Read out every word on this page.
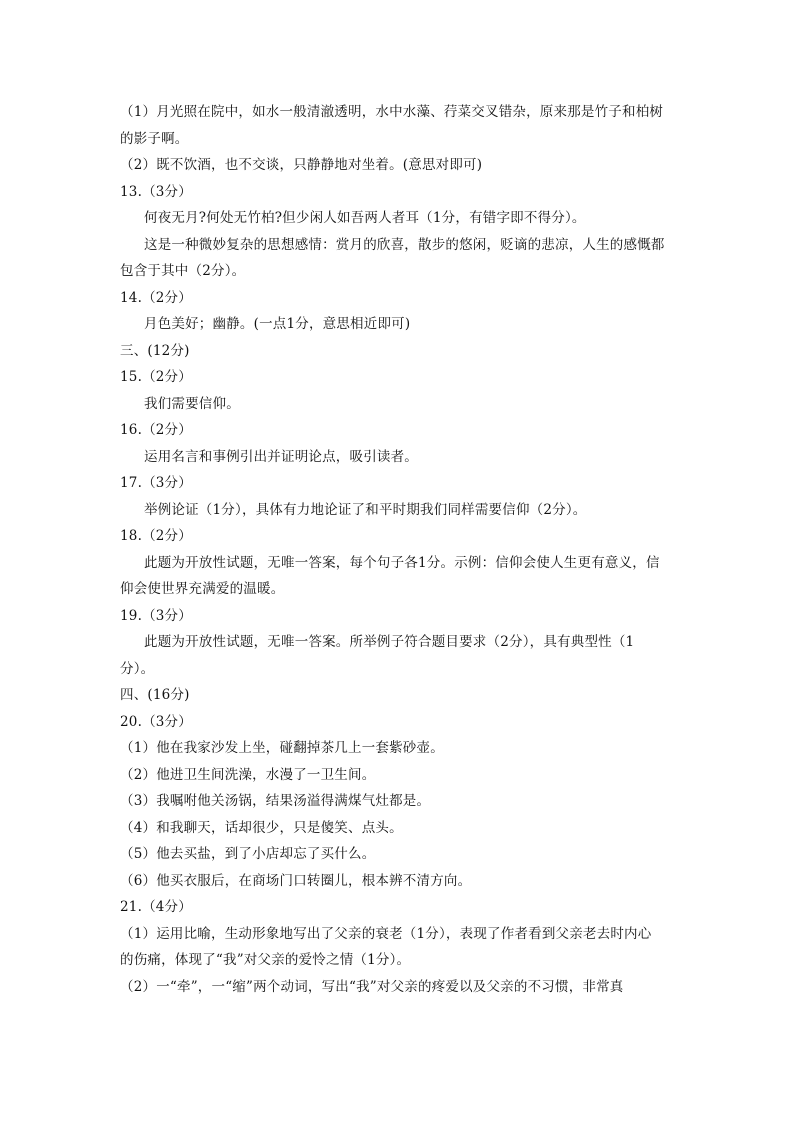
（1）月光照在院中，如水一般清澈透明，水中水藻、荇菜交叉错杂，原来那是竹子和柏树
的影子啊。
（2）既不饮酒，也不交谈，只静静地对坐着。(意思对即可)
13.（3分）
何夜无月?何处无竹柏?但少闲人如吾两人者耳（1分，有错字即不得分）。
这是一种微妙复杂的思想感情：赏月的欣喜，散步的悠闲，贬谪的悲凉，人生的感慨都
包含于其中（2分）。
14.（2分）
月色美好；幽静。(一点1分，意思相近即可)
三、(12分)
15.（2分）
我们需要信仰。
16.（2分）
运用名言和事例引出并证明论点，吸引读者。
17.（3分）
举例论证（1分），具体有力地论证了和平时期我们同样需要信仰（2分）。
18.（2分）
此题为开放性试题，无唯一答案，每个句子各1分。示例：信仰会使人生更有意义，信
仰会使世界充满爱的温暖。
19.（3分）
此题为开放性试题，无唯一答案。所举例子符合题目要求（2分），具有典型性（1
分）。
四、(16分)
20.（3分）
（1）他在我家沙发上坐，碰翻掉茶几上一套紫砂壶。
（2）他进卫生间洗澡，水漫了一卫生间。
（3）我嘱咐他关汤锅，结果汤溢得满煤气灶都是。
（4）和我聊天，话却很少，只是傻笑、点头。
（5）他去买盐，到了小店却忘了买什么。
（6）他买衣服后，在商场门口转圈儿，根本辨不清方向。
21.（4分）
（1）运用比喻，生动形象地写出了父亲的衰老（1分），表现了作者看到父亲老去时内心
的伤痛，体现了“我”对父亲的爱怜之情（1分）。
（2）一“牵”，一“缩”两个动词，写出“我”对父亲的疼爱以及父亲的不习惯，非常真
